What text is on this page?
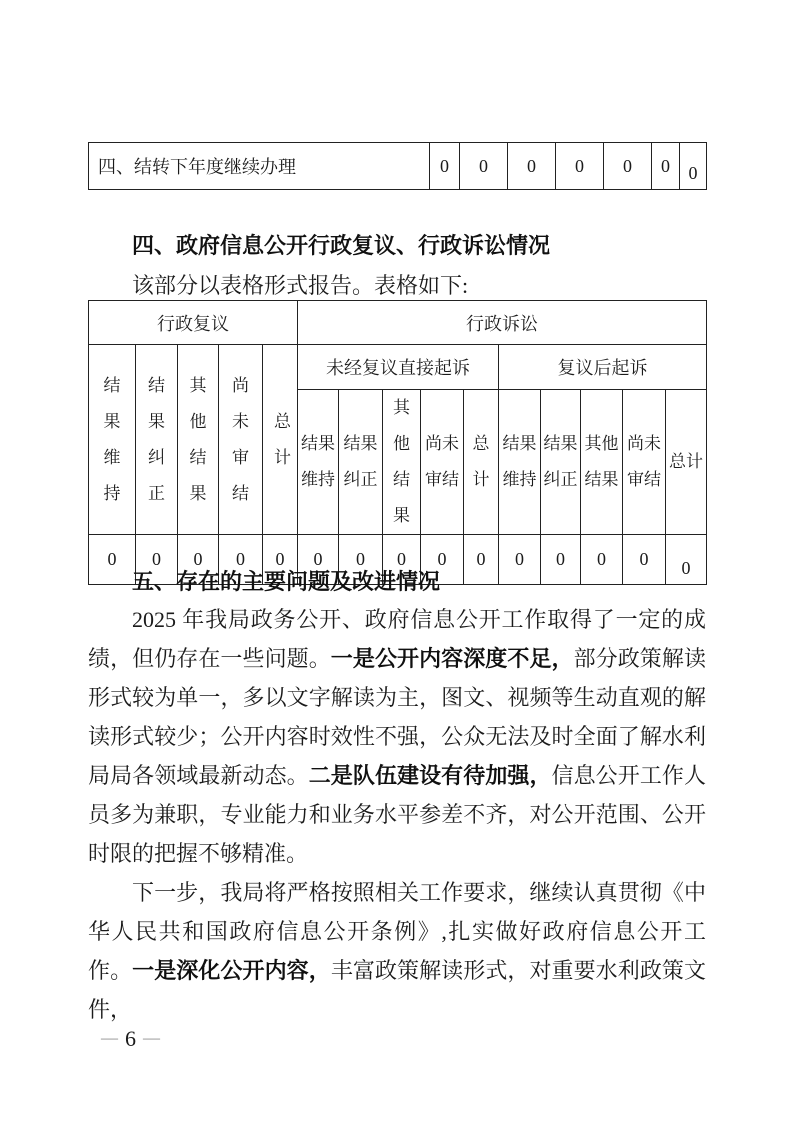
四、结转下年度继续办理	0	0	0	0	0	0	0
四、政府信息公开行政复议、行政诉讼情况
该部分以表格形式报告。表格如下:
行政复议					行政诉讼									
结果维持	结果纠正	其他结果	尚未审结	总计	未经复议直接起诉					复议后起诉				
					结果维持	结果纠正	其他结果	尚未审结	总计	结果维持	结果纠正	其他结果	尚未审结	总计
0	0	0	0	0	0	0	0	0	0	0	0	0	0	0
五、存在的主要问题及改进情况

2025 年我局政务公开、政府信息公开工作取得了一定的成绩，但仍存在一些问题。一是公开内容深度不足，部分政策解读形式较为单一，多以文字解读为主，图文、视频等生动直观的解读形式较少；公开内容时效性不强，公众无法及时全面了解水利局局各领域最新动态。二是队伍建设有待加强，信息公开工作人员多为兼职，专业能力和业务水平参差不齐，对公开范围、公开时限的把握不够精准。

下一步，我局将严格按照相关工作要求，继续认真贯彻《中华人民共和国政府信息公开条例》,扎实做好政府信息公开工作。一是深化公开内容，丰富政策解读形式，对重要水利政策文件，

— 6 —
